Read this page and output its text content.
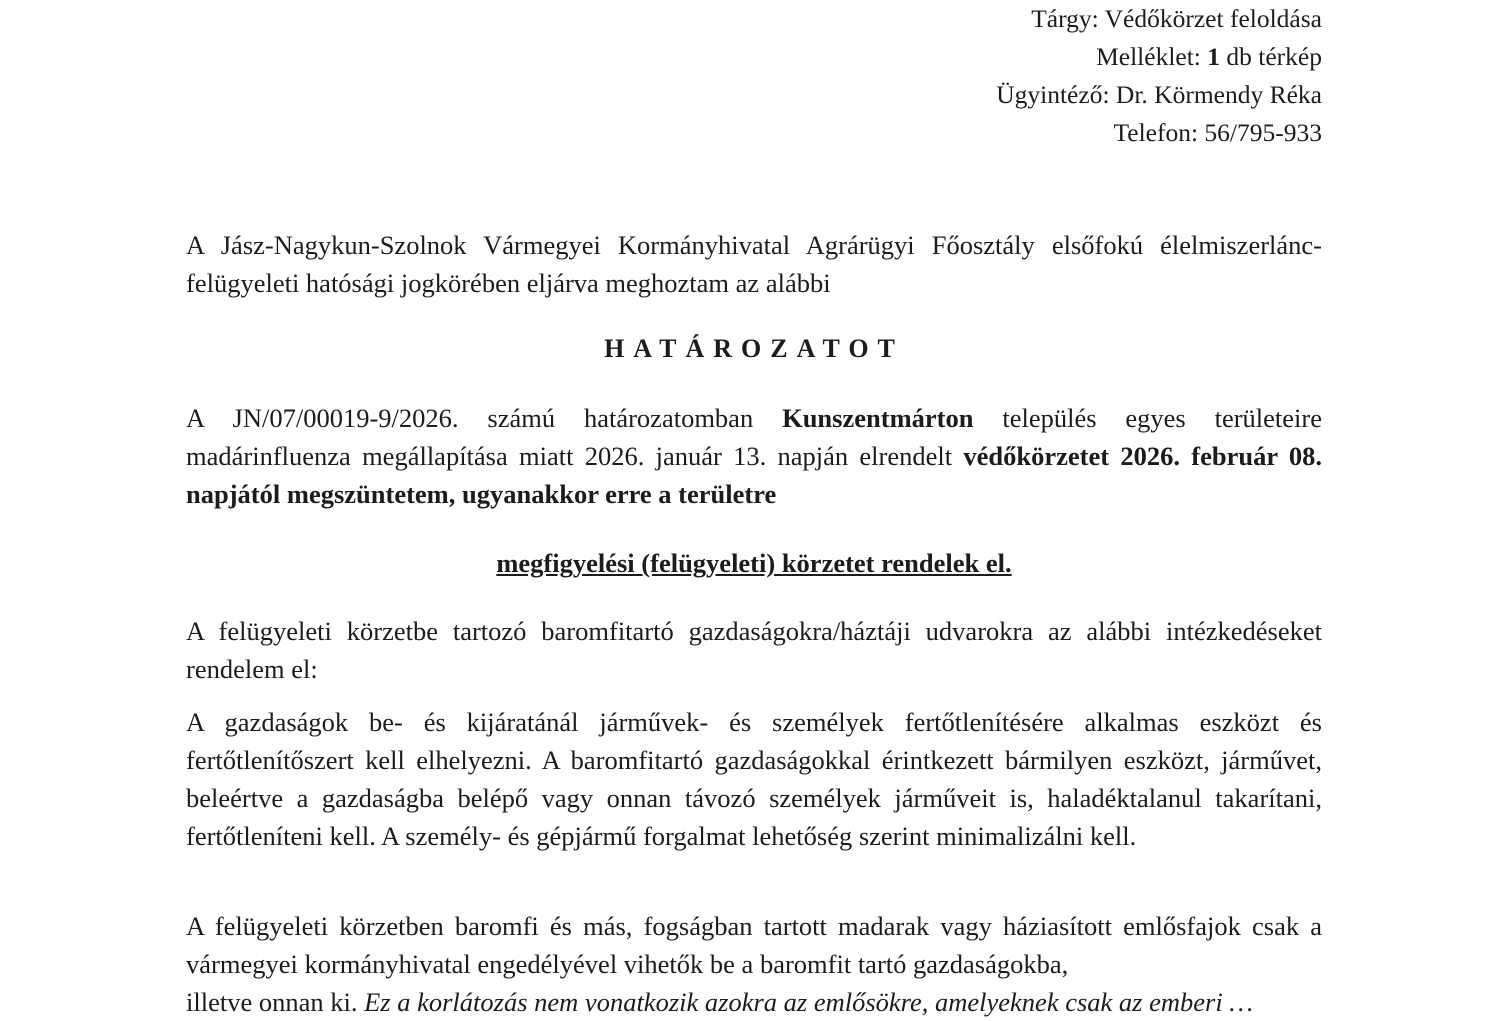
Tárgy: Védőkörzet feloldása
Melléklet: 1 db térkép
Ügyintéző: Dr. Körmendy Réka
Telefon: 56/795-933
A Jász-Nagykun-Szolnok Vármegyei Kormányhivatal Agrárügyi Főosztály elsőfokú élelmiszerlánc-felügyeleti hatósági jogkörében eljárva meghoztam az alábbi
HATÁROZATOT
A JN/07/00019-9/2026. számú határozatomban Kunszentmárton település egyes területeire madárinfluenza megállapítása miatt 2026. január 13. napján elrendelt védőkörzetet 2026. február 08. napjától megszüntetem, ugyanakkor erre a területre
megfigyelési (felügyeleti) körzetet rendelek el.
A felügyeleti körzetbe tartozó baromfitartó gazdaságokra/háztáji udvarokra az alábbi intézkedéseket rendelem el:
A gazdaságok be- és kijáratánál járművek- és személyek fertőtlenítésére alkalmas eszközt és fertőtlenítőszert kell elhelyezni. A baromfitartó gazdaságokkal érintkezett bármilyen eszközt, járművet, beleértve a gazdaságba belépő vagy onnan távozó személyek járműveit is, haladéktalanul takarítani, fertőtleníteni kell. A személy- és gépjármű forgalmat lehetőség szerint minimalizálni kell.
A felügyeleti körzetben baromfi és más, fogságban tartott madarak vagy háziasított emlősfajok csak a vármegyei kormányhivatal engedélyével vihetők be a baromfit tartó gazdaságokba,
illetve onnan ki. Ez a korlátozás nem vonatkozik azokra az emlősökre, amelyeknek csak az emberi …
